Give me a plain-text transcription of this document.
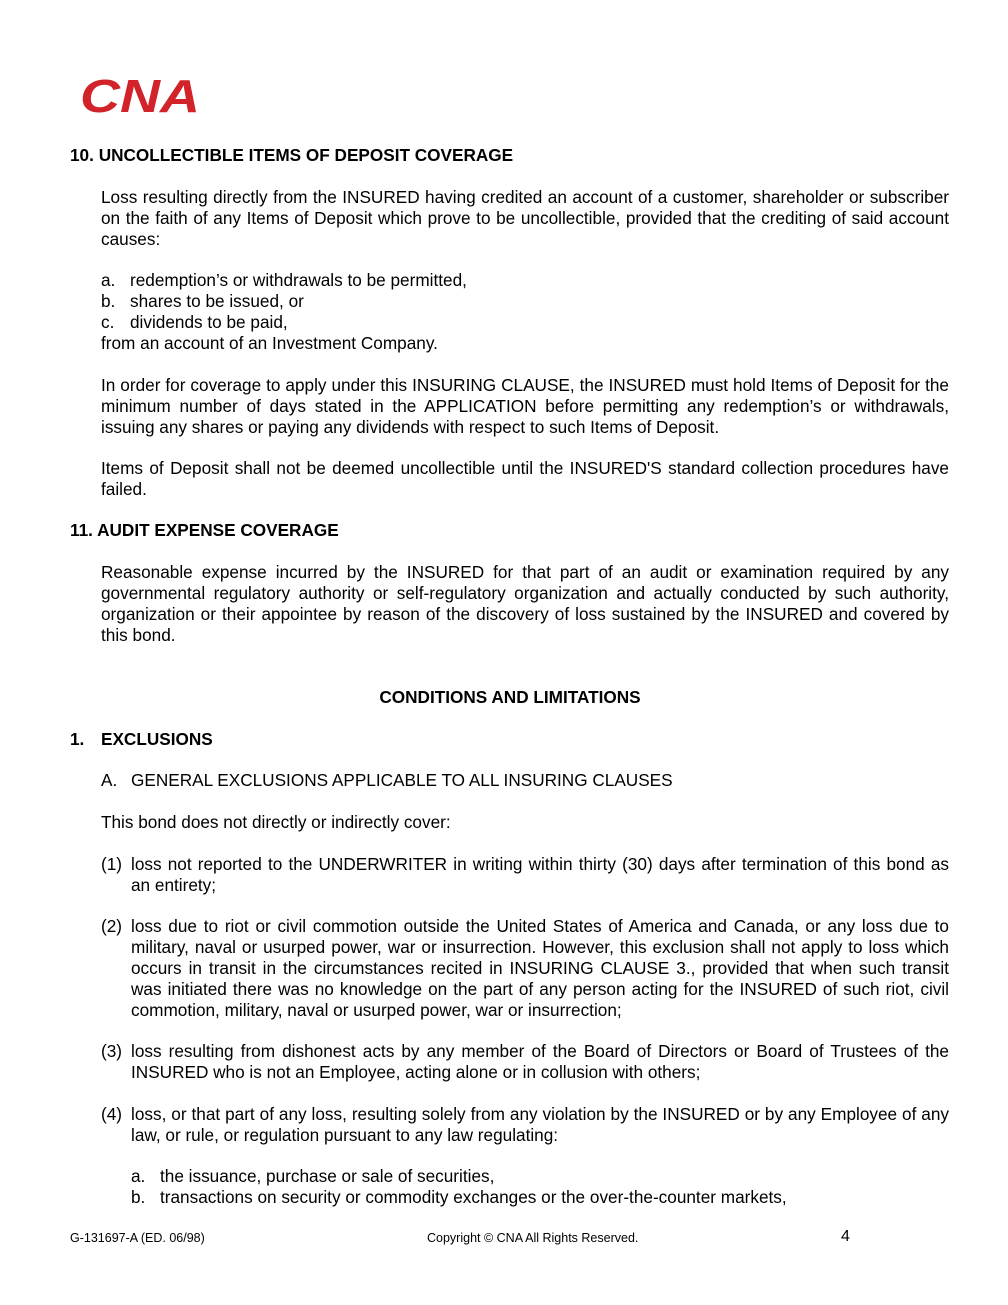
CNA
10. UNCOLLECTIBLE ITEMS OF DEPOSIT COVERAGE
Loss resulting directly from the INSURED having credited an account of a customer, shareholder or subscriber on the faith of any Items of Deposit which prove to be uncollectible, provided that the crediting of said account causes:
a. redemption’s or withdrawals to be permitted,
b. shares to be issued, or
c. dividends to be paid,
from an account of an Investment Company.
In order for coverage to apply under this INSURING CLAUSE, the INSURED must hold Items of Deposit for the minimum number of days stated in the APPLICATION before permitting any redemption’s or withdrawals, issuing any shares or paying any dividends with respect to such Items of Deposit.
Items of Deposit shall not be deemed uncollectible until the INSURED'S standard collection procedures have failed.
11. AUDIT EXPENSE COVERAGE
Reasonable expense incurred by the INSURED for that part of an audit or examination required by any governmental regulatory authority or self-regulatory organization and actually conducted by such authority, organization or their appointee by reason of the discovery of loss sustained by the INSURED and covered by this bond.
CONDITIONS AND LIMITATIONS
1. EXCLUSIONS
A. GENERAL EXCLUSIONS APPLICABLE TO ALL INSURING CLAUSES
This bond does not directly or indirectly cover:
(1) loss not reported to the UNDERWRITER in writing within thirty (30) days after termination of this bond as an entirety;
(2) loss due to riot or civil commotion outside the United States of America and Canada, or any loss due to military, naval or usurped power, war or insurrection. However, this exclusion shall not apply to loss which occurs in transit in the circumstances recited in INSURING CLAUSE 3., provided that when such transit was initiated there was no knowledge on the part of any person acting for the INSURED of such riot, civil commotion, military, naval or usurped power, war or insurrection;
(3) loss resulting from dishonest acts by any member of the Board of Directors or Board of Trustees of the INSURED who is not an Employee, acting alone or in collusion with others;
(4) loss, or that part of any loss, resulting solely from any violation by the INSURED or by any Employee of any law, or rule, or regulation pursuant to any law regulating:
a. the issuance, purchase or sale of securities,
b. transactions on security or commodity exchanges or the over-the-counter markets,
G-131697-A (ED. 06/98)	Copyright © CNA All Rights Reserved.	4
